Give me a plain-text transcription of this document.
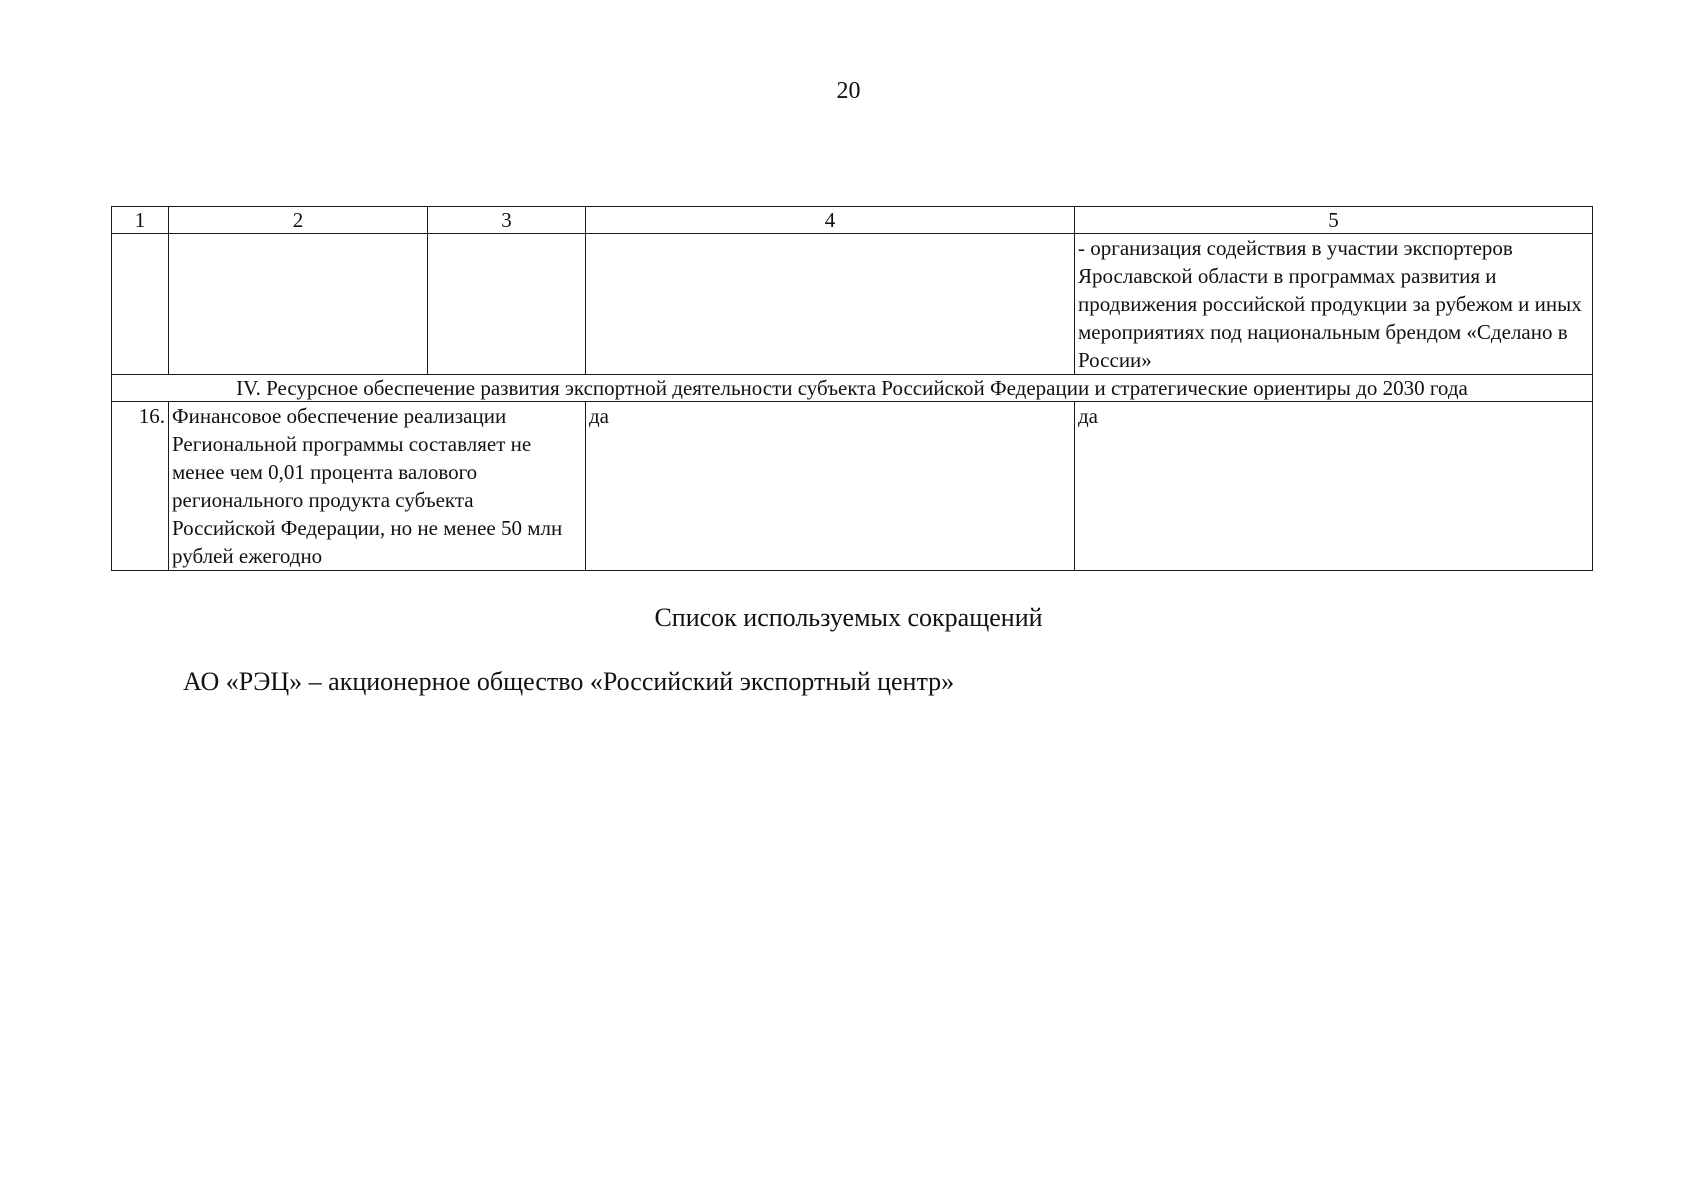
20
1	2	3	4	5
				- организация содействия в участии экспортеров Ярославской области в программах развития и продвижения российской продукции за рубежом и иных мероприятиях под национальным брендом «Сделано в России»
IV. Ресурсное обеспечение развития экспортной деятельности субъекта Российской Федерации и стратегические ориентиры до 2030 года				
16.	Финансовое обеспечение реализации Региональной программы составляет не менее чем 0,01 процента валового регионального продукта субъекта Российской Федерации, но не менее 50 млн рублей ежегодно		да	да
Список используемых сокращений
АО «РЭЦ» – акционерное общество «Российский экспортный центр»
